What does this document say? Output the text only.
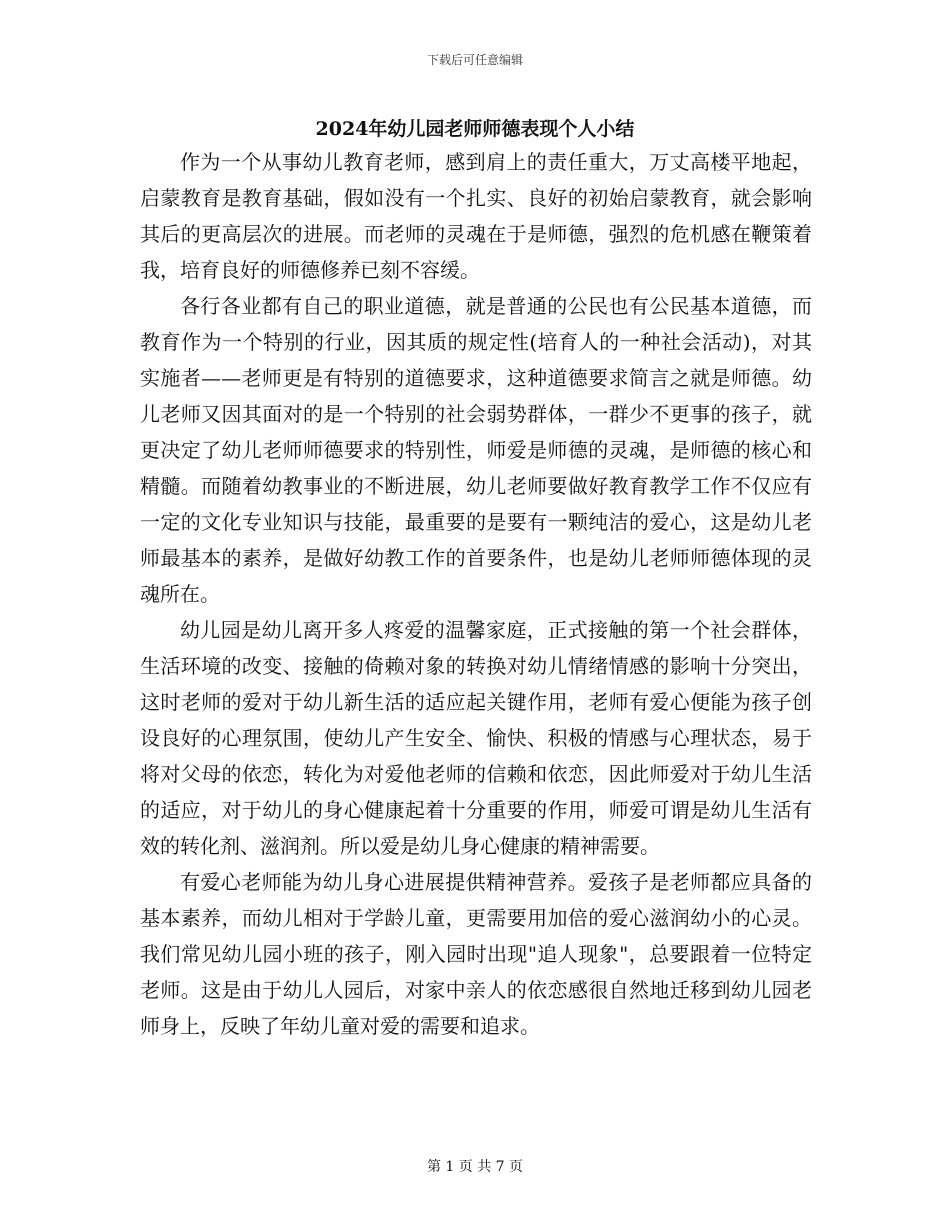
下载后可任意编辑
2024年幼儿园老师师德表现个人小结

作为一个从事幼儿教育老师，感到肩上的责任重大，万丈高楼平地起，启蒙教育是教育基础，假如没有一个扎实、良好的初始启蒙教育，就会影响其后的更高层次的进展。而老师的灵魂在于是师德，强烈的危机感在鞭策着我，培育良好的师德修养已刻不容缓。

各行各业都有自己的职业道德，就是普通的公民也有公民基本道德，而教育作为一个特别的行业，因其质的规定性(培育人的一种社会活动)，对其实施者——老师更是有特别的道德要求，这种道德要求简言之就是师德。幼儿老师又因其面对的是一个特别的社会弱势群体，一群少不更事的孩子，就更决定了幼儿老师师德要求的特别性，师爱是师德的灵魂，是师德的核心和精髓。而随着幼教事业的不断进展，幼儿老师要做好教育教学工作不仅应有一定的文化专业知识与技能，最重要的是要有一颗纯洁的爱心，这是幼儿老师最基本的素养，是做好幼教工作的首要条件，也是幼儿老师师德体现的灵魂所在。

幼儿园是幼儿离开多人疼爱的温馨家庭，正式接触的第一个社会群体，生活环境的改变、接触的倚赖对象的转换对幼儿情绪情感的影响十分突出，这时老师的爱对于幼儿新生活的适应起关键作用，老师有爱心便能为孩子创设良好的心理氛围，使幼儿产生安全、愉快、积极的情感与心理状态，易于将对父母的依恋，转化为对爱他老师的信赖和依恋，因此师爱对于幼儿生活的适应，对于幼儿的身心健康起着十分重要的作用，师爱可谓是幼儿生活有效的转化剂、滋润剂。所以爱是幼儿身心健康的精神需要。

有爱心老师能为幼儿身心进展提供精神营养。爱孩子是老师都应具备的基本素养，而幼儿相对于学龄儿童，更需要用加倍的爱心滋润幼小的心灵。我们常见幼儿园小班的孩子，刚入园时出现"追人现象"，总要跟着一位特定老师。这是由于幼儿人园后，对家中亲人的依恋感很自然地迁移到幼儿园老师身上，反映了年幼儿童对爱的需要和追求。

第 1 页 共 7 页
